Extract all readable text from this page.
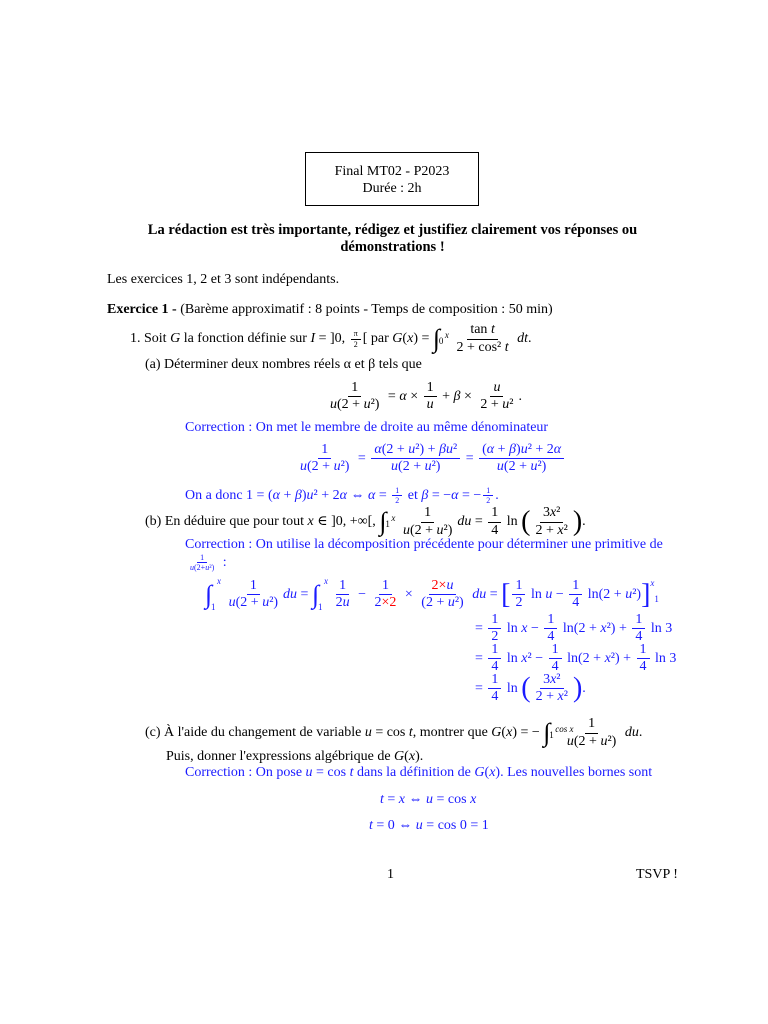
Final MT02 - P2023
Durée : 2h
La rédaction est très importante, rédigez et justifiez clairement vos réponses ou
démonstrations !
Les exercices 1, 2 et 3 sont indépendants.
Exercice 1 - (Barème approximatif : 8 points - Temps de composition : 50 min)
1. Soit G la fonction définie sur I = ]0, $\frac{\pi}{2}$ [ par G(x) = ∫ x
0
$\frac{\text{tan t}}{\text{2 + cos² t}}$ dt.
(a) Déterminer deux nombres réels α et β tels que
$\frac{1}{\text{u(2 + u²)}} = \alpha \times \frac{1}{u} + \beta \times \frac{u}{\text{2 + u²}}$ .
Correction : On met le membre de droite au même dénominateur
$\frac{1}{\text{u(2 + u²)}} = \frac{\text{α(2 + u²) + βu²}}{\text{u(2 + u²)}} = \frac{\text{(α + β)u² + 2α}}{\text{u(2 + u²)}}$
On a donc 1 = (α + β)u² + 2α ⇔ $\alpha = \frac{1}{2}$ et β = −α = − $\frac{1}{2}$ .
(b) En déduire que pour tout x ∈ ]0, +∞[, ∫ x
1
$\frac{1}{\text{u(2 + u²)}}$ du = $\frac{1}{4}$ ln ( $\frac{\text{3x²}}{\text{2 + x²}}$ ).
Correction : On utilise la décomposition précédente pour déterminer une primitive de

$\frac{1}{\text{u(2+u²)}}$ :
∫ x
1
$\frac{1}{\text{u(2 + u²)}}$ du = ∫ x
1
$\frac{1}{2u} - \frac{1}{2\times 2} \times \frac{2\times u}{\text{(2 + u²)}}$ du = [ $\frac{1}{2}$ $\ln u - \frac{1}{4} \ln(2 + u^2)]^x_1$
= $\frac{1}{2}$ $\ln x - \frac{1}{4} \ln(2 + x^2) + \frac{1}{4}$ ln 3
= $\frac{1}{4}$ $\ln x^2 - \frac{1}{4} \ln(2 + x^2) + \frac{1}{4}$ ln 3
= $\frac{1}{4}$ ln ( $\frac{\text{3x²}}{\text{2 + x²}}$ ).
(c) À l'aide du changement de variable u = cos t, montrer que G(x) = − ∫ cos x
1
$\frac{1}{\text{u(2 + u²)}}$ du.
Puis, donner l'expressions algébrique de G(x).
Correction : On pose u = cos t dans la définition de G(x). Les nouvelles bornes sont
t = x ⇔ u = cos x
t = 0 ⇔ u = cos 0 = 1
1	TSVP !
